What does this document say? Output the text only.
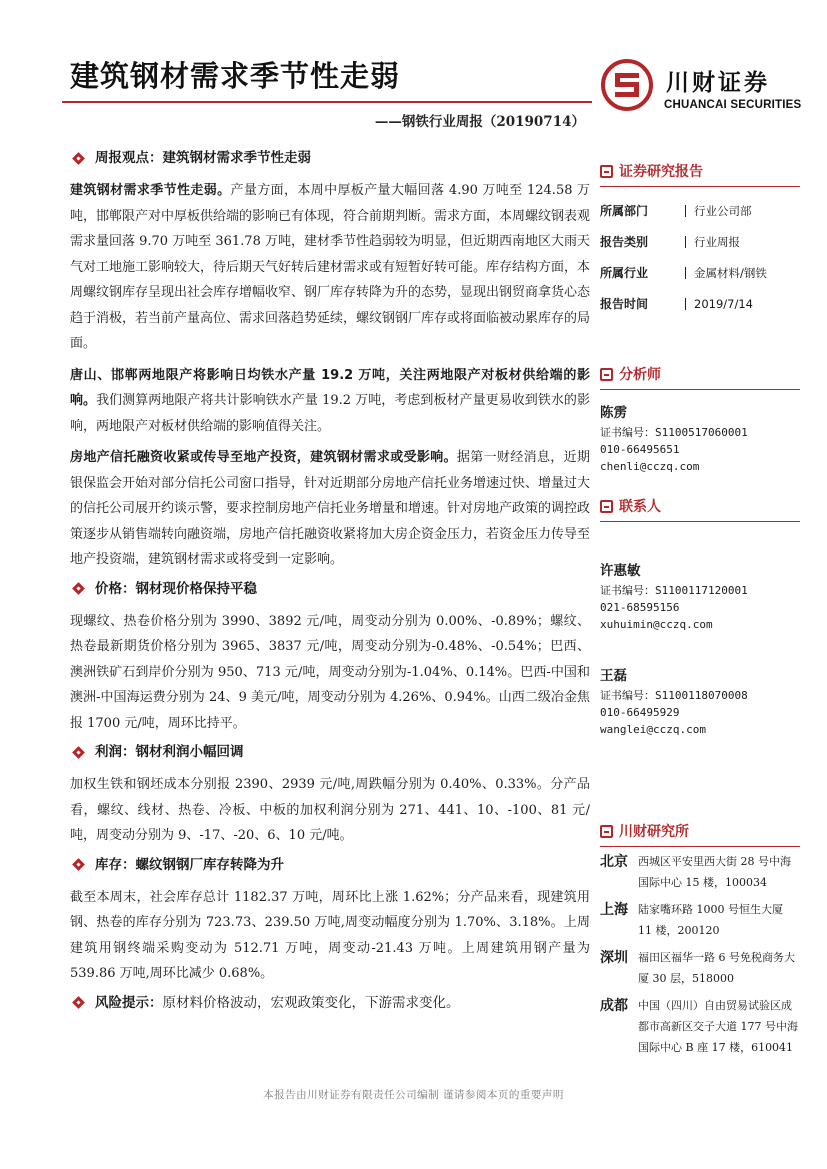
建筑钢材需求季节性走弱
——钢铁行业周报（20190714）
川财证券
CHUANCAI SECURITIES
周报观点：建筑钢材需求季节性走弱

建筑钢材需求季节性走弱。产量方面，本周中厚板产量大幅回落 4.90 万吨至 124.58 万吨，邯郸限产对中厚板供给端的影响已有体现，符合前期判断。需求方面，本周螺纹钢表观需求量回落 9.70 万吨至 361.78 万吨，建材季节性趋弱较为明显，但近期西南地区大雨天气对工地施工影响较大，待后期天气好转后建材需求或有短暂好转可能。库存结构方面，本周螺纹钢库存呈现出社会库存增幅收窄、钢厂库存转降为升的态势，显现出钢贸商拿货心态趋于消极，若当前产量高位、需求回落趋势延续，螺纹钢钢厂库存或将面临被动累库存的局面。

唐山、邯郸两地限产将影响日均铁水产量 19.2 万吨，关注两地限产对板材供给端的影响。我们测算两地限产将共计影响铁水产量 19.2 万吨，考虑到板材产量更易收到铁水的影响，两地限产对板材供给端的影响值得关注。

房地产信托融资收紧或传导至地产投资，建筑钢材需求或受影响。据第一财经消息，近期银保监会开始对部分信托公司窗口指导，针对近期部分房地产信托业务增速过快、增量过大的信托公司展开约谈示警，要求控制房地产信托业务增量和增速。针对房地产政策的调控政策逐步从销售端转向融资端，房地产信托融资收紧将加大房企资金压力，若资金压力传导至地产投资端，建筑钢材需求或将受到一定影响。

价格：钢材现价格保持平稳

现螺纹、热卷价格分别为 3990、3892 元/吨，周变动分别为 0.00%、-0.89%；螺纹、热卷最新期货价格分别为 3965、3837 元/吨，周变动分别为-0.48%、-0.54%；巴西、澳洲铁矿石到岸价分别为 950、713 元/吨，周变动分别为-1.04%、0.14%。巴西-中国和澳洲-中国海运费分别为 24、9 美元/吨，周变动分别为 4.26%、0.94%。山西二级冶金焦报 1700 元/吨，周环比持平。

利润：钢材利润小幅回调

加权生铁和钢坯成本分别报 2390、2939 元/吨,周跌幅分别为 0.40%、0.33%。分产品看，螺纹、线材、热卷、冷板、中板的加权利润分别为 271、441、10、-100、81 元/吨，周变动分别为 9、-17、-20、6、10 元/吨。

库存：螺纹钢钢厂库存转降为升

截至本周末，社会库存总计 1182.37 万吨，周环比上涨 1.62%；分产品来看，现建筑用钢、热卷的库存分别为 723.73、239.50 万吨,周变动幅度分别为 1.70%、3.18%。上周建筑用钢终端采购变动为 512.71 万吨，周变动-21.43 万吨。上周建筑用钢产量为 539.86 万吨,周环比减少 0.68%。

风险提示： 原材料价格波动，宏观政策变化，下游需求变化。
证券研究报告
所属部门	行业公司部
报告类别	行业周报
所属行业	金属材料/钢铁
报告时间	2019/7/14
分析师
陈雳
证书编号：S1100517060001
010-66495651
chenli@cczq.com
联系人
许惠敏
证书编号：S1100117120001
021-68595156
xuhuimin@cczq.com
王磊
证书编号：S1100118070008
010-66495929
wanglei@cczq.com
川财研究所
北京 西城区平安里西大街 28 号中海国际中心 15 楼，100034
上海 陆家嘴环路 1000 号恒生大厦 11 楼，200120
深圳 福田区福华一路 6 号免税商务大厦 30 层，518000
成都 中国（四川）自由贸易试验区成都市高新区交子大道 177 号中海国际中心 B 座 17 楼，610041
本报告由川财证券有限责任公司编制 谨请参阅本页的重要声明
